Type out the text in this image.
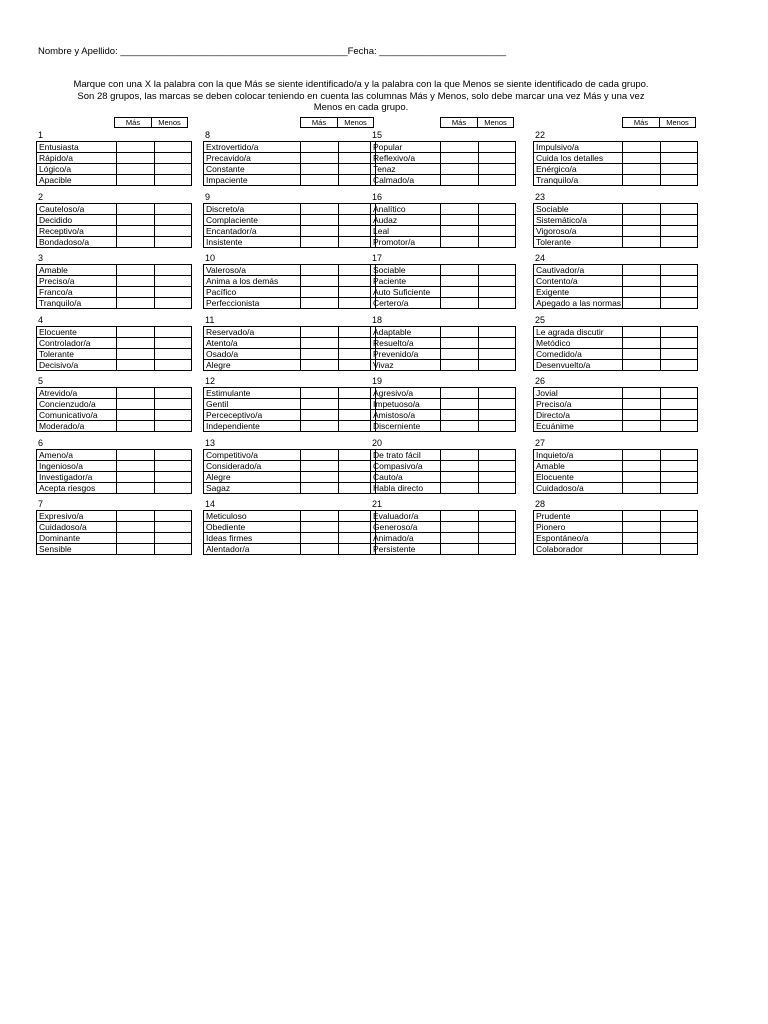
Nombre y Apellido: ___________________________________________Fecha: ________________________
Marque con una X la palabra con la que Más se siente identificado/a y la palabra con la que Menos se siente identificado de cada grupo.
Son 28 grupos, las marcas se deben colocar teniendo en cuenta las columnas Más y Menos, solo debe marcar una vez Más y una vez
Menos en cada grupo.
Más	Menos
1
Entusiasta		
Rápido/a		
Lógico/a		
Apacible		
2
Cauteloso/a		
Decidido		
Receptivo/a		
Bondadoso/a		
3
Amable		
Preciso/a		
Franco/a		
Tranquilo/a		
4
Elocuente		
Controlador/a		
Tolerante		
Decisivo/a		
5
Atrevido/a		
Concienzudo/a		
Comunicativo/a		
Moderado/a		
6
Ameno/a		
Ingenioso/a		
Investigador/a		
Acepta riesgos		
7
Expresivo/a		
Cuidadoso/a		
Dominante		
Sensible		
Más	Menos
8
Extrovertido/a		
Precavido/a		
Constante		
Impaciente		
9
Discreto/a		
Complaciente		
Encantador/a		
Insistente		
10
Valeroso/a		
Anima a los demás		
Pacífico		
Perfeccionista		
11
Reservado/a		
Atento/a		
Osado/a		
Alegre		
12
Estimulante		
Gentil		
Perceceptivo/a		
Independiente		
13
Competitivo/a		
Considerado/a		
Alegre		
Sagaz		
14
Meticuloso		
Obediente		
Ideas firmes		
Alentador/a		
Más	Menos
15
Popular		
Reflexivo/a		
Tenaz		
Calmado/a		
16
Analítico		
Audaz		
Leal		
Promotor/a		
17
Sociable		
Paciente		
Auto Suficiente		
Certero/a		
18
Adaptable		
Resuelto/a		
Prevenido/a		
Vivaz		
19
Agresivo/a		
Impetuoso/a		
Amistoso/a		
Discerniente		
20
De trato fácil		
Compasivo/a		
Cauto/a		
Habla directo		
21
Evaluador/a		
Generoso/a		
Animado/a		
Persistente		
Más	Menos
22
Impulsivo/a		
Cuida los detalles		
Enérgico/a		
Tranquilo/a		
23
Sociable		
Sistemático/a		
Vigoroso/a		
Tolerante		
24
Cautivador/a		
Contento/a		
Exigente		
Apegado a las normas		
25
Le agrada discutir		
Metódico		
Comedido/a		
Desenvuelto/a		
26
Jovial		
Preciso/a		
Directo/a		
Ecuánime		
27
Inquieto/a		
Amable		
Elocuente		
Cuidadoso/a		
28
Prudente		
Pionero		
Espontáneo/a		
Colaborador		
